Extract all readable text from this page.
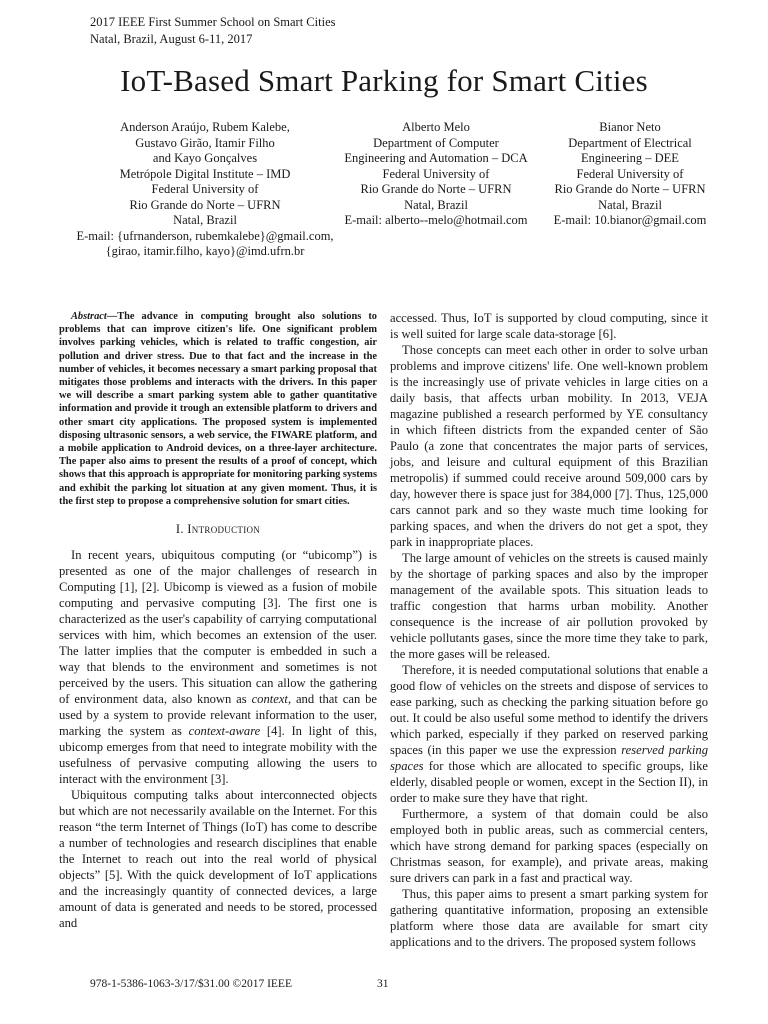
2017 IEEE First Summer School on Smart Cities
Natal, Brazil, August 6-11, 2017
IoT-Based Smart Parking for Smart Cities
Anderson Araújo, Rubem Kalebe,
Gustavo Girão, Itamir Filho
and Kayo Gonçalves
Metrópole Digital Institute – IMD
Federal University of
Rio Grande do Norte – UFRN
Natal, Brazil
E-mail: {ufrnanderson, rubemkalebe}@gmail.com,
{girao, itamir.filho, kayo}@imd.ufrn.br
Alberto Melo
Department of Computer
Engineering and Automation – DCA
Federal University of
Rio Grande do Norte – UFRN
Natal, Brazil
E-mail: alberto--melo@hotmail.com
Bianor Neto
Department of Electrical
Engineering – DEE
Federal University of
Rio Grande do Norte – UFRN
Natal, Brazil
E-mail: 10.bianor@gmail.com

Abstract—The advance in computing brought also solutions to problems that can improve citizen's life. One significant problem involves parking vehicles, which is related to traffic congestion, air pollution and driver stress. Due to that fact and the increase in the number of vehicles, it becomes necessary a smart parking proposal that mitigates those problems and interacts with the drivers. In this paper we will describe a smart parking system able to gather quantitative information and provide it trough an extensible platform to drivers and other smart city applications. The proposed system is implemented disposing ultrasonic sensors, a web service, the FIWARE platform, and a mobile application to Android devices, on a three-layer architecture. The paper also aims to present the results of a proof of concept, which shows that this approach is appropriate for monitoring parking systems and exhibit the parking lot situation at any given moment. Thus, it is the first step to propose a comprehensive solution for smart cities.

I. Introduction

In recent years, ubiquitous computing (or “ubicomp”) is presented as one of the major challenges of research in Computing [1], [2]. Ubicomp is viewed as a fusion of mobile computing and pervasive computing [3]. The first one is characterized as the user's capability of carrying computational services with him, which becomes an extension of the user. The latter implies that the computer is embedded in such a way that blends to the environment and sometimes is not perceived by the users. This situation can allow the gathering of environment data, also known as context, and that can be used by a system to provide relevant information to the user, marking the system as context-aware [4]. In light of this, ubicomp emerges from that need to integrate mobility with the usefulness of pervasive computing allowing the users to interact with the environment [3].

Ubiquitous computing talks about interconnected objects but which are not necessarily available on the Internet. For this reason “the term Internet of Things (IoT) has come to describe a number of technologies and research disciplines that enable the Internet to reach out into the real world of physical objects” [5]. With the quick development of IoT applications and the increasingly quantity of connected devices, a large amount of data is generated and needs to be stored, processed and

accessed. Thus, IoT is supported by cloud computing, since it is well suited for large scale data-storage [6].

Those concepts can meet each other in order to solve urban problems and improve citizens' life. One well-known problem is the increasingly use of private vehicles in large cities on a daily basis, that affects urban mobility. In 2013, VEJA magazine published a research performed by YE consultancy in which fifteen districts from the expanded center of São Paulo (a zone that concentrates the major parts of services, jobs, and leisure and cultural equipment of this Brazilian metropolis) if summed could receive around 509,000 cars by day, however there is space just for 384,000 [7]. Thus, 125,000 cars cannot park and so they waste much time looking for parking spaces, and when the drivers do not get a spot, they park in inappropriate places.

The large amount of vehicles on the streets is caused mainly by the shortage of parking spaces and also by the improper management of the available spots. This situation leads to traffic congestion that harms urban mobility. Another consequence is the increase of air pollution provoked by vehicle pollutants gases, since the more time they take to park, the more gases will be released.

Therefore, it is needed computational solutions that enable a good flow of vehicles on the streets and dispose of services to ease parking, such as checking the parking situation before go out. It could be also useful some method to identify the drivers which parked, especially if they parked on reserved parking spaces (in this paper we use the expression reserved parking spaces for those which are allocated to specific groups, like elderly, disabled people or women, except in the Section II), in order to make sure they have that right.

Furthermore, a system of that domain could be also employed both in public areas, such as commercial centers, which have strong demand for parking spaces (especially on Christmas season, for example), and private areas, making sure drivers can park in a fast and practical way.

Thus, this paper aims to present a smart parking system for gathering quantitative information, proposing an extensible platform where those data are available for smart city applications and to the drivers. The proposed system follows

978-1-5386-1063-3/17/$31.00 ©2017 IEEE	31
